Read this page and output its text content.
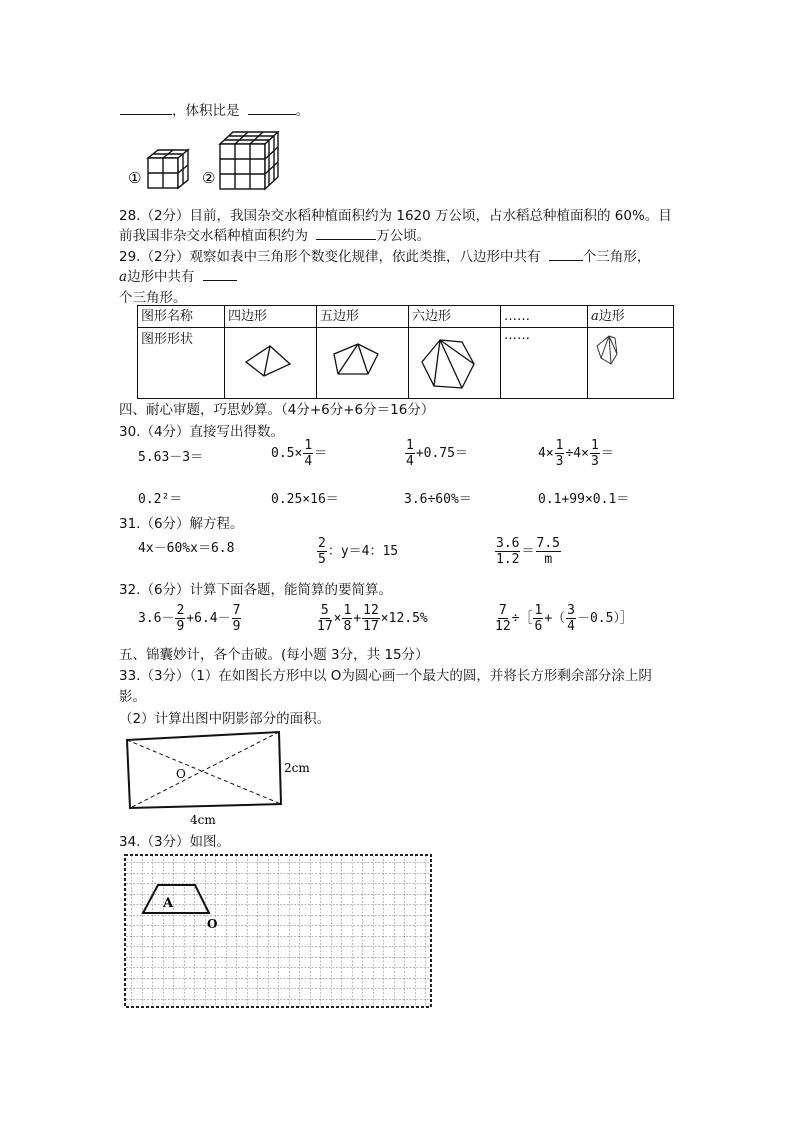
，体积比是	。
①	②
28.（2分）目前，我国杂交水稻种植面积约为 1620 万公顷，占水稻总种植面积的 60%。目
前我国非杂交水稻种植面积约为	万公顷。
29.（2分）观察如表中三角形个数变化规律，依此类推，八边形中共有	个三角形，
a边形中共有
个三角形。
图形名称	四边形	五边形	六边形	……	a边形
图形形状				……	
四、耐心审题，巧思妙算。（4分+6分+6分＝16分）
30.（4分）直接写出得数。
5.63－3＝	$0.5\times \frac{1}{4}$ ＝	$\frac{1}{4} +0.75=$	$4\times \frac{1}{3} \div 4\times \frac{1}{3}$ ＝
0.2²＝	0.25×16＝	3.6÷60%＝	0.1+99×0.1＝
31.（6分）解方程。
4x－60%x＝6.8	$\frac{2}{5}$ ：y＝4：15	$\frac{3.6}{1.2} = \frac{7.5}{m}$
32.（6分）计算下面各题，能简算的要简算。
$3.6- \frac{2}{9} +6.4- \frac{7}{9}$	$\frac{5}{17} \times \frac{1}{8} + \frac{12}{17} \times 12.5\%$	$\frac{7}{12}$ ÷［ $\frac{1}{6}$ +（ $\frac{3}{4}$ －0.5）］
五、锦囊妙计，各个击破。(每小题 3分，共 15分）
33.（3分）（1）在如图长方形中以 O为圆心画一个最大的圆，并将长方形剩余部分涂上阴
影。
（2）计算出图中阴影部分的面积。
O	2cm
4cm
34.（3分）如图。
A
O
